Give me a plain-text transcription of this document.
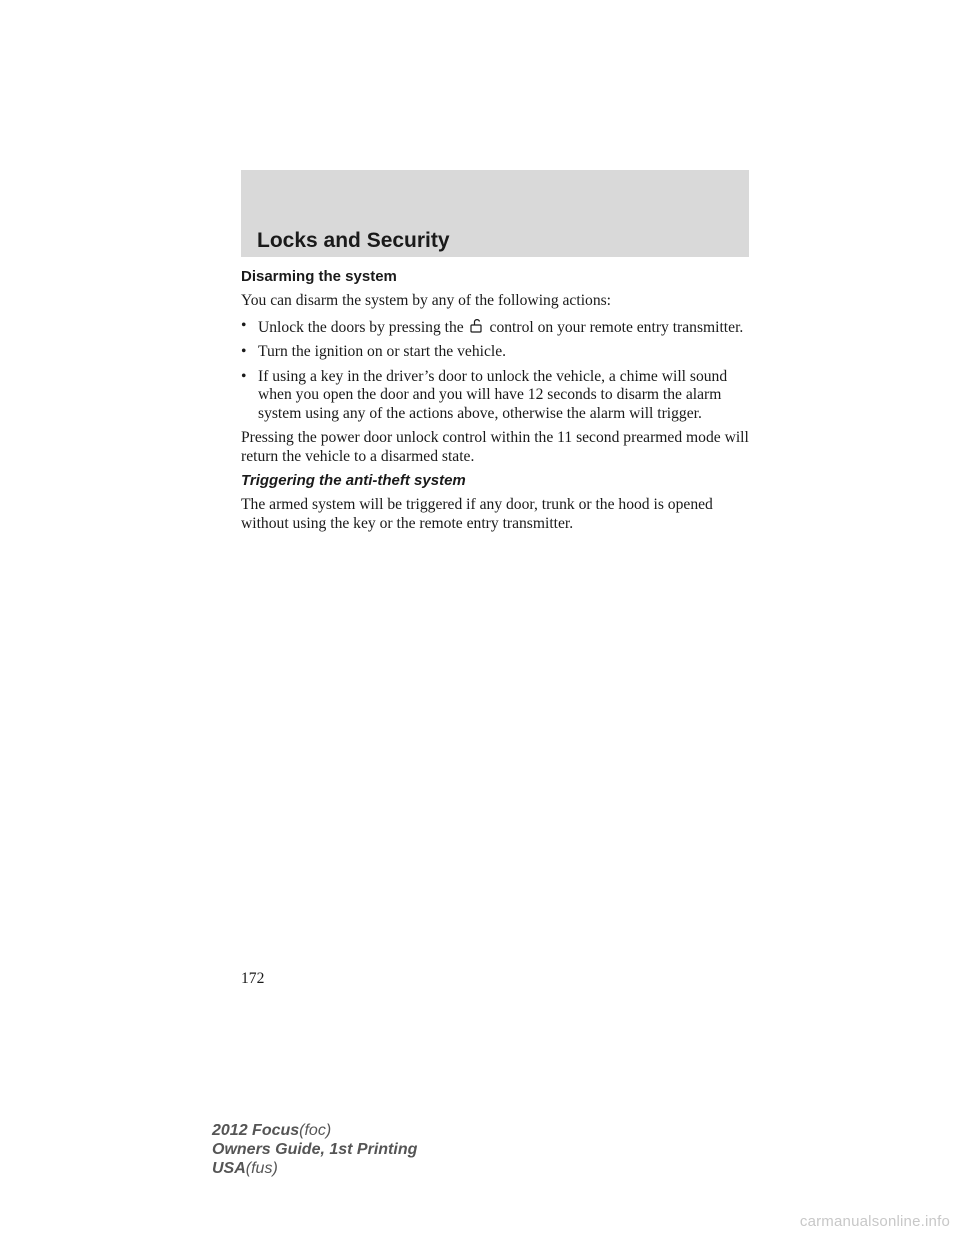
Locks and Security
Disarming the system

You can disarm the system by any of the following actions:

• Unlock the doors by pressing the control on your remote entry transmitter.
• Turn the ignition on or start the vehicle.
• If using a key in the driver’s door to unlock the vehicle, a chime will sound when you open the door and you will have 12 seconds to disarm the alarm system using any of the actions above, otherwise the alarm will trigger.

Pressing the power door unlock control within the 11 second prearmed mode will return the vehicle to a disarmed state.

Triggering the anti-theft system

The armed system will be triggered if any door, trunk or the hood is opened without using the key or the remote entry transmitter.

172
2012 Focus(foc)
Owners Guide, 1st Printing
USA(fus)
carmanualsonline.info
